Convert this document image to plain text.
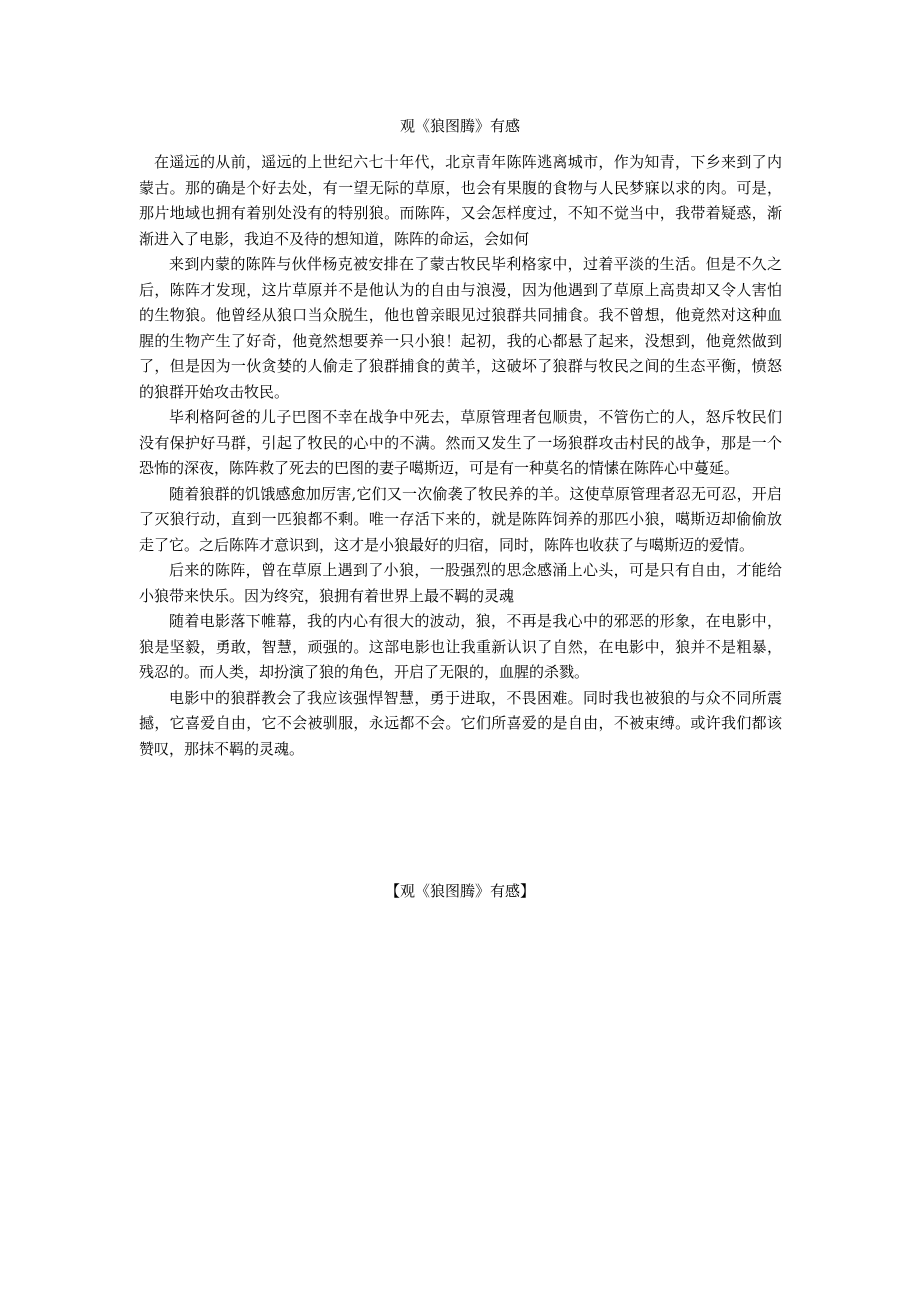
观《狼图腾》有感

在遥远的从前，遥远的上世纪六七十年代，北京青年陈阵逃离城市，作为知青，下乡来到了内蒙古。那的确是个好去处，有一望无际的草原，也会有果腹的食物与人民梦寐以求的肉。可是，那片地域也拥有着别处没有的特别狼。而陈阵，又会怎样度过，不知不觉当中，我带着疑惑，渐渐进入了电影，我迫不及待的想知道，陈阵的命运，会如何

来到内蒙的陈阵与伙伴杨克被安排在了蒙古牧民毕利格家中，过着平淡的生活。但是不久之后，陈阵才发现，这片草原并不是他认为的自由与浪漫，因为他遇到了草原上高贵却又令人害怕的生物狼。他曾经从狼口当众脱生，他也曾亲眼见过狼群共同捕食。我不曾想，他竟然对这种血腥的生物产生了好奇，他竟然想要养一只小狼！起初，我的心都悬了起来，没想到，他竟然做到了，但是因为一伙贪婪的人偷走了狼群捕食的黄羊，这破坏了狼群与牧民之间的生态平衡，愤怒的狼群开始攻击牧民。

毕利格阿爸的儿子巴图不幸在战争中死去，草原管理者包顺贵，不管伤亡的人，怒斥牧民们没有保护好马群，引起了牧民的心中的不满。然而又发生了一场狼群攻击村民的战争，那是一个恐怖的深夜，陈阵救了死去的巴图的妻子噶斯迈，可是有一种莫名的情愫在陈阵心中蔓延。

随着狼群的饥饿感愈加厉害,它们又一次偷袭了牧民养的羊。这使草原管理者忍无可忍，开启了灭狼行动，直到一匹狼都不剩。唯一存活下来的，就是陈阵饲养的那匹小狼，噶斯迈却偷偷放走了它。之后陈阵才意识到，这才是小狼最好的归宿，同时，陈阵也收获了与噶斯迈的爱情。

后来的陈阵，曾在草原上遇到了小狼，一股强烈的思念感涌上心头，可是只有自由，才能给小狼带来快乐。因为终究，狼拥有着世界上最不羁的灵魂

随着电影落下帷幕，我的内心有很大的波动，狼，不再是我心中的邪恶的形象，在电影中，狼是坚毅，勇敢，智慧，顽强的。这部电影也让我重新认识了自然，在电影中，狼并不是粗暴，残忍的。而人类，却扮演了狼的角色，开启了无限的，血腥的杀戮。

电影中的狼群教会了我应该强悍智慧，勇于进取，不畏困难。同时我也被狼的与众不同所震撼，它喜爱自由，它不会被驯服，永远都不会。它们所喜爱的是自由，不被束缚。或许我们都该赞叹，那抹不羁的灵魂。

【观《狼图腾》有感】
